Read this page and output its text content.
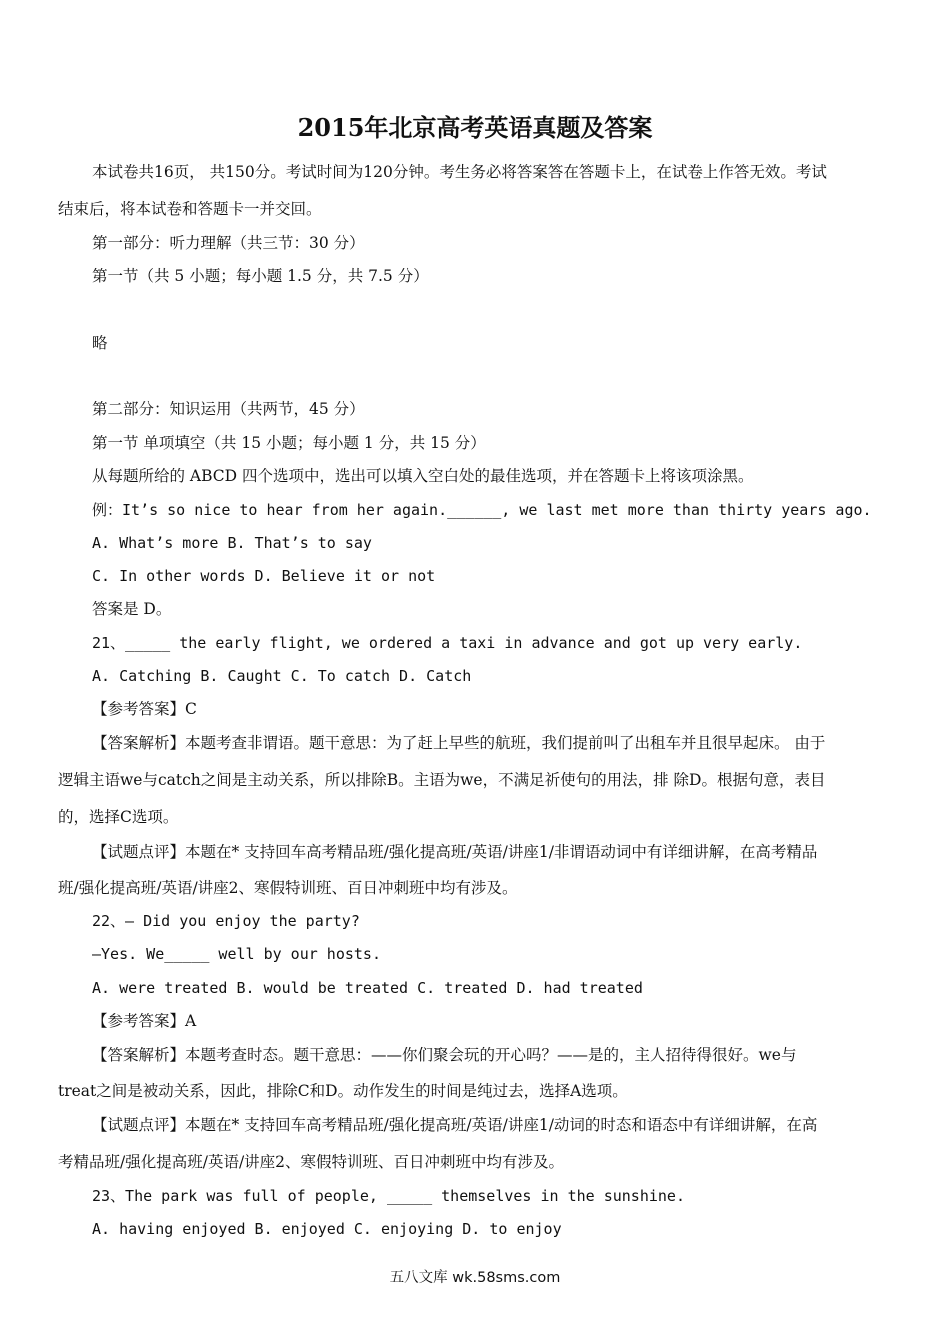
2015年北京高考英语真题及答案
本试卷共16页， 共150分。考试时间为120分钟。考生务必将答案答在答题卡上，在试卷上作答无效。考试
结束后，将本试卷和答题卡一并交回。
第一部分：听力理解（共三节：30 分）
第一节（共 5 小题；每小题 1.5 分，共 7.5 分）
略
第二部分：知识运用（共两节，45 分）
第一节 单项填空（共 15 小题；每小题 1 分，共 15 分）
从每题所给的 ABCD 四个选项中，选出可以填入空白处的最佳选项，并在答题卡上将该项涂黑。
例：It’s so nice to hear from her again.______, we last met more than thirty years ago.
A. What’s more B. That’s to say
C. In other words D. Believe it or not
答案是 D。
21、_____ the early flight, we ordered a taxi in advance and got up very early.
A. Catching B. Caught C. To catch D. Catch
【参考答案】C
【答案解析】本题考查非谓语。题干意思：为了赶上早些的航班，我们提前叫了出租车并且很早起床。 由于
逻辑主语we与catch之间是主动关系，所以排除B。主语为we，不满足祈使句的用法，排 除D。根据句意，表目
的，选择C选项。
【试题点评】本题在* 支持回车高考精品班/强化提高班/英语/讲座1/非谓语动词中有详细讲解，在高考精品
班/强化提高班/英语/讲座2、寒假特训班、百日冲刺班中均有涉及。
22、— Did you enjoy the party?
—Yes. We_____ well by our hosts.
A. were treated B. would be treated C. treated D. had treated
【参考答案】A
【答案解析】本题考查时态。题干意思：——你们聚会玩的开心吗？——是的，主人招待得很好。we与
treat之间是被动关系，因此，排除C和D。动作发生的时间是纯过去，选择A选项。
【试题点评】本题在* 支持回车高考精品班/强化提高班/英语/讲座1/动词的时态和语态中有详细讲解，在高
考精品班/强化提高班/英语/讲座2、寒假特训班、百日冲刺班中均有涉及。
23、The park was full of people, _____ themselves in the sunshine.
A. having enjoyed B. enjoyed C. enjoying D. to enjoy
五八文库 wk.58sms.com
